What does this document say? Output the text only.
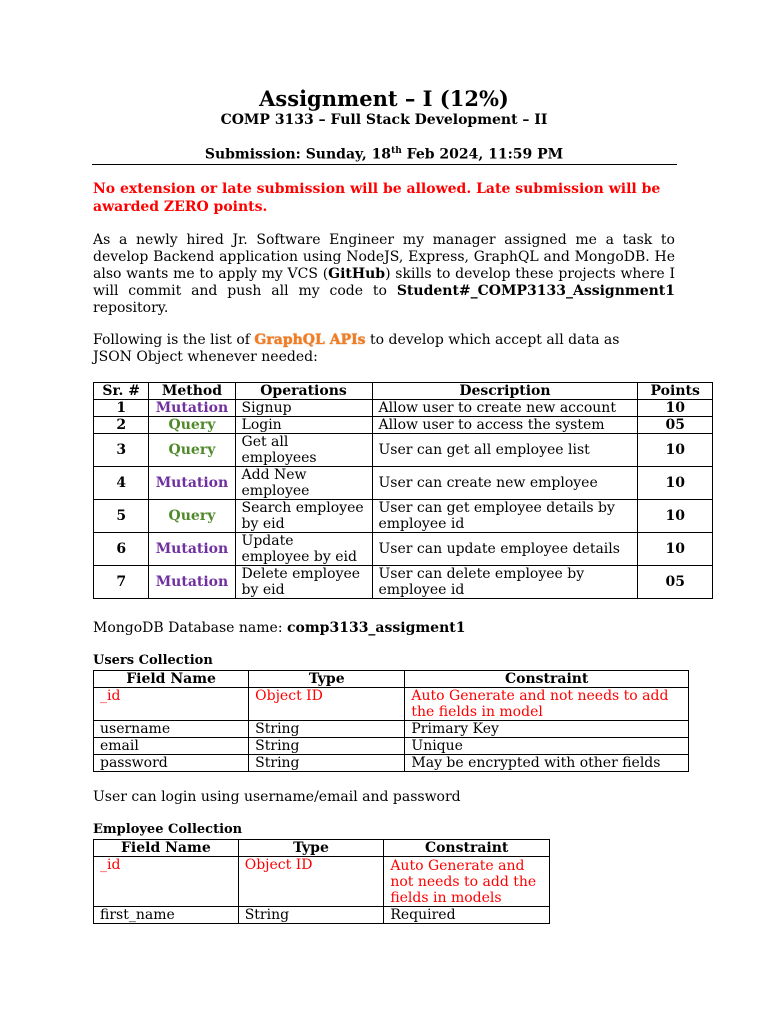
Assignment – I (12%)
COMP 3133 – Full Stack Development – II
Submission: Sunday, 18th Feb 2024, 11:59 PM
No extension or late submission will be allowed. Late submission will be awarded ZERO points.
As a newly hired Jr. Software Engineer my manager assigned me a task to develop Backend application using NodeJS, Express, GraphQL and MongoDB. He also wants me to apply my VCS (GitHub) skills to develop these projects where I will commit and push all my code to Student#_COMP3133_Assignment1 repository.
Following is the list of GraphQL APIs to develop which accept all data as JSON Object whenever needed:
Sr. #	Method	Operations	Description	Points
1	Mutation	Signup	Allow user to create new account	10
2	Query	Login	Allow user to access the system	05
3	Query	Get all employees	User can get all employee list	10
4	Mutation	Add New employee	User can create new employee	10
5	Query	Search employee by eid	User can get employee details by employee id	10
6	Mutation	Update employee by eid	User can update employee details	10
7	Mutation	Delete employee by eid	User can delete employee by employee id	05
MongoDB Database name: comp3133_assigment1
Users Collection
Field Name	Type	Constraint
_id	Object ID	Auto Generate and not needs to add the fields in model
username	String	Primary Key
email	String	Unique
password	String	May be encrypted with other fields
User can login using username/email and password
Employee Collection
Field Name	Type	Constraint
_id	Object ID	Auto Generate and not needs to add the fields in models
first_name	String	Required
